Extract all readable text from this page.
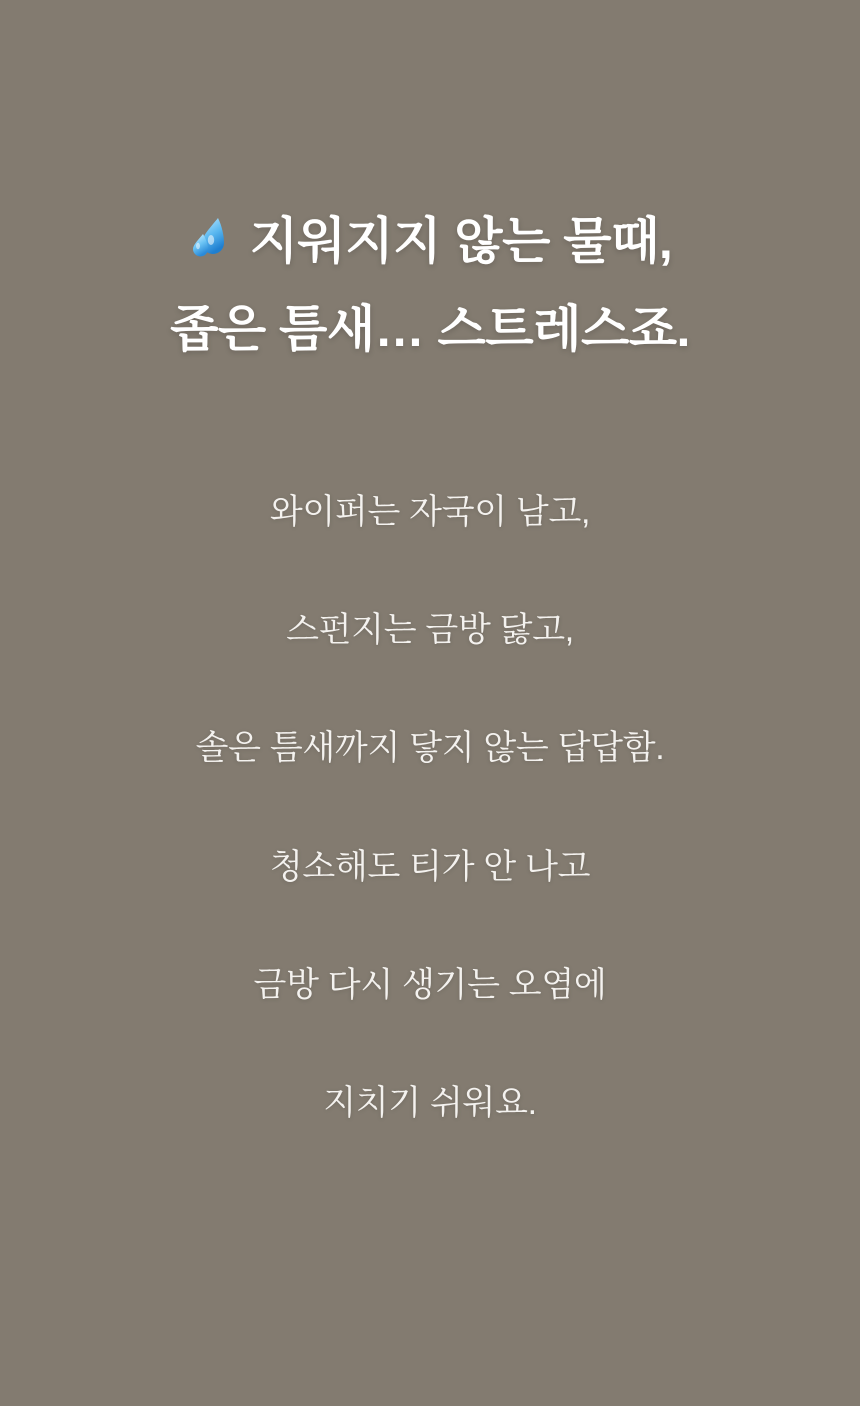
지워지지 않는 물때,
좁은 틈새… 스트레스죠.
와이퍼는 자국이 남고,
스펀지는 금방 닳고,
솔은 틈새까지 닿지 않는 답답함.
청소해도 티가 안 나고
금방 다시 생기는 오염에
지치기 쉬워요.
